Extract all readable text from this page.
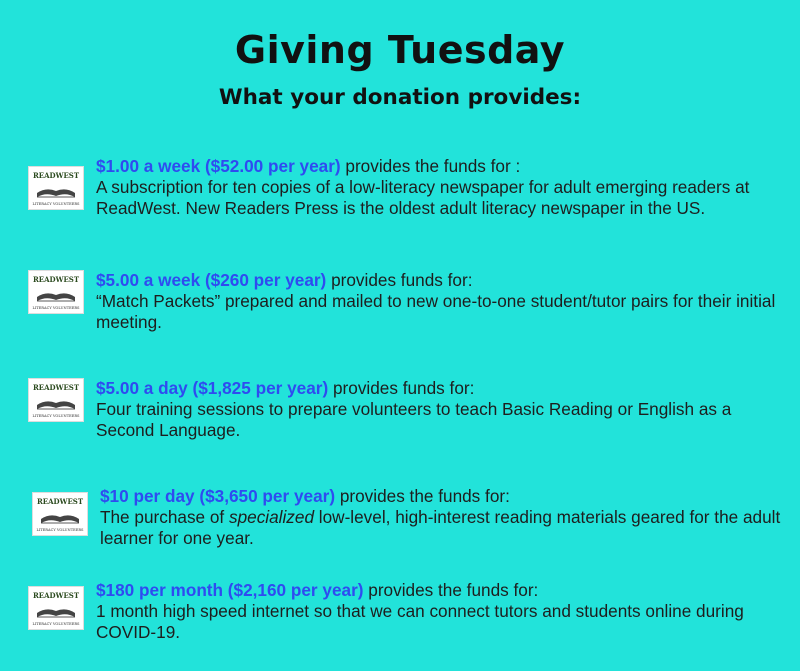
Giving Tuesday
What your donation provides:
READWEST
LITERACY VOLUNTEERS
$1.00 a week ($52.00 per year) provides the funds for :
A subscription for ten copies of a low-literacy newspaper for adult emerging readers at ReadWest. New Readers Press is the oldest adult literacy newspaper in the US.
READWEST
LITERACY VOLUNTEERS
$5.00 a week ($260 per year) provides funds for:
“Match Packets” prepared and mailed to new one-to-one student/tutor pairs for their initial meeting.
READWEST
LITERACY VOLUNTEERS
$5.00 a day ($1,825 per year) provides funds for:
Four training sessions to prepare volunteers to teach Basic Reading or English as a Second Language.
READWEST
LITERACY VOLUNTEERS
$10 per day ($3,650 per year) provides the funds for:
The purchase of specialized low-level, high-interest reading materials geared for the adult learner for one year.
READWEST
LITERACY VOLUNTEERS
$180 per month ($2,160 per year) provides the funds for:
1 month high speed internet so that we can connect tutors and students online during COVID-19.
